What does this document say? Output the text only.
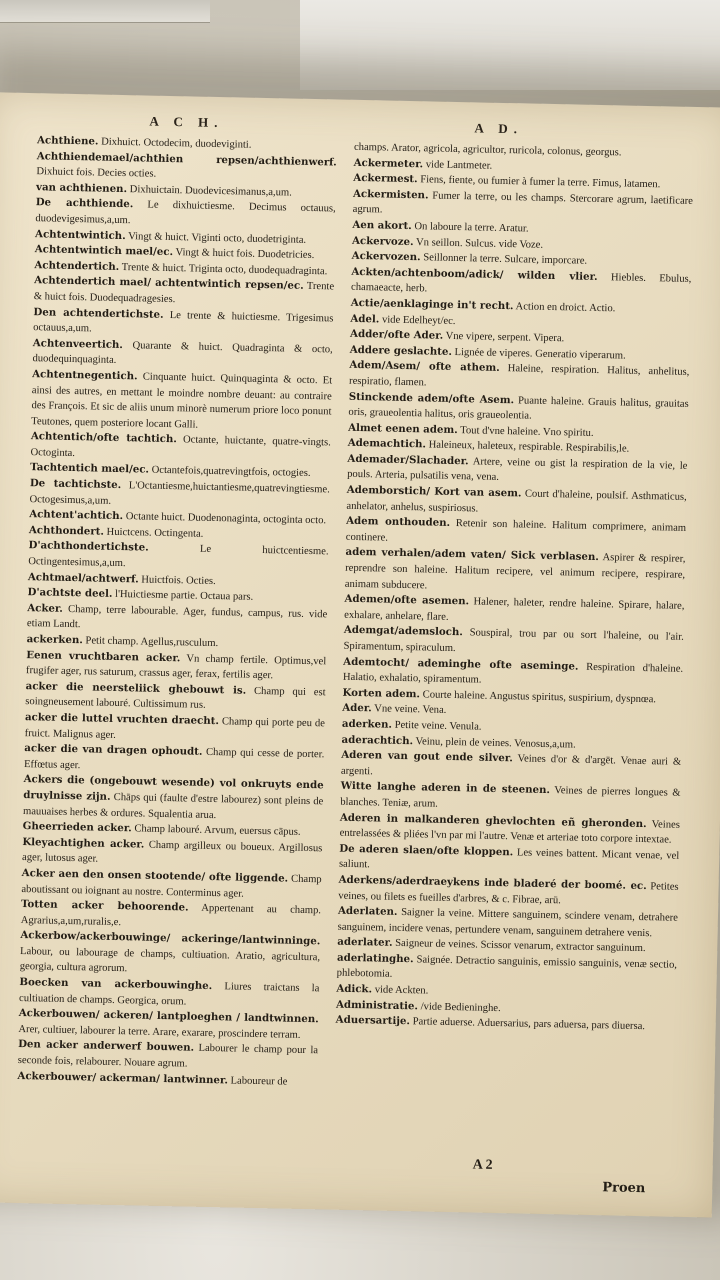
A C H.	A D.

Achthiene. Dixhuict. Octodecim, duodeviginti.

Achthiendemael/achthien repsen/achthienwerf. Dixhuict fois. Decies octies.

van achthienen. Dixhuictain. Duodevicesimanus,a,um.

De achthiende. Le dixhuictiesme. Decimus octauus, duodevigesimus,a,um.

Achtentwintich. Vingt & huict. Viginti octo, duodetriginta.

Achtentwintich mael/ec. Vingt & huict fois. Duodetricies.

Achtendertich. Trente & huict. Triginta octo, duodequadraginta.

Achtendertich mael/ achtentwintich repsen/ec. Trente & huict fois. Duodequadragesies.

Den achtendertichste. Le trente & huictiesme. Trigesimus octauus,a,um.

Achtenveertich. Quarante & huict. Quadraginta & octo, duodequinquaginta.

Achtentnegentich. Cinquante huict. Quinquaginta & octo. Et ainsi des autres, en mettant le moindre nombre deuant: au contraire des François. Et sic de aliis unum minorè numerum priore loco ponunt Teutones, quem posteriore locant Galli.

Achtentich/ofte tachtich. Octante, huictante, quatre-vingts. Octoginta.

Tachtentich mael/ec. Octantefois,quatrevingtfois, octogies.

De tachtichste. L'Octantiesme,huictantiesme,quatrevingtiesme. Octogesimus,a,um.

Achtent'achtich. Octante huict. Duodenonaginta, octoginta octo.

Achthondert. Huictcens. Octingenta.

D'achthondertichste.	Le huictcentiesme. Octingentesimus,a,um.

Achtmael/achtwerf. Huictfois. Octies.

D'achtste deel. l'Huictiesme partie. Octaua pars.

Acker. Champ, terre labourable. Ager, fundus, campus, rus. vide etiam Landt.

ackerken. Petit champ. Agellus,rusculum.

Eenen vruchtbaren acker. Vn champ fertile. Optimus,vel frugifer ager, rus saturum, crassus ager, ferax, fertilis ager.

acker die neersteliick ghebouwt is. Champ qui est soingneusement labouré. Cultissimum rus.

acker die luttel vruchten draecht. Champ qui porte peu de fruict. Malignus ager.

acker die van dragen ophoudt. Champ qui cesse de porter. Effœtus ager.

Ackers die (ongebouwt wesende) vol onkruyts ende druylnisse zijn. Chāps qui (faulte d'estre labourez) sont pleins de mauuaises herbes & ordures. Squalentia arua.

Gheerrieden acker. Champ labouré. Arvum, euersus cāpus.

Kleyachtighen acker. Champ argilleux ou boueux. Argillosus ager, lutosus ager.

Acker aen den onsen stootende/ ofte liggende. Champ aboutissant ou ioignant au nostre. Conterminus ager.

Totten acker behoorende. Appertenant au champ. Agrarius,a,um,ruralis,e.

Ackerbow/ackerbouwinge/ ackeringe/lantwinninge. Labour, ou labourage de champs, cultiuation. Aratio, agricultura, georgia, cultura agrorum.

Boecken van ackerbouwinghe. Liures traictans la cultiuation de champs. Georgica, orum.

Ackerbouwen/ ackeren/ lantploeghen / landtwinnen. Arer, cultiuer, labourer la terre. Arare, exarare, proscindere terram.

Den acker anderwerf bouwen. Labourer le champ pour la seconde fois, relabourer. Nouare agrum.

Ackerbouwer/ ackerman/ lantwinner. Laboureur de

champs. Arator, agricola, agricultor, ruricola, colonus, georgus.

Ackermeter. vide Lantmeter.

Ackermest. Fiens, fiente, ou fumier à fumer la terre. Fimus, latamen.

Ackermisten. Fumer la terre, ou les champs. Stercorare agrum, laetificare agrum.

Aen akort. On laboure la terre. Aratur.

Ackervoze. Vn seillon. Sulcus. vide Voze.

Ackervozen. Seillonner la terre. Sulcare, imporcare.

Ackten/achtenboom/adick/ wilden vlier. Hiebles. Ebulus, chamaeacte, herb.

Actie/aenklaginge in't recht. Action en droict. Actio.

Adel. vide Edelheyt/ec.

Adder/ofte Ader. Vne vipere, serpent. Vipera.

Addere geslachte. Lignée de viperes. Generatio viperarum.

Adem/Asem/ ofte athem. Haleine, respiration. Halitus, anhelitus, respiratio, flamen.

Stinckende adem/ofte Asem. Puante haleine. Grauis halitus, grauitas oris, graueolentia halitus, oris graueolentia.

Almet eenen adem. Tout d'vne haleine. Vno spiritu.

Ademachtich. Haleineux, haleteux, respirable. Respirabilis,le.

Ademader/Slachader. Artere, veine ou gist la respiration de la vie, le pouls. Arteria, pulsatilis vena, vena.

Ademborstich/ Kort van asem. Court d'haleine, poulsif. Asthmaticus, anhelator, anhelus, suspiriosus.

Adem onthouden. Retenir son haleine. Halitum comprimere, animam continere.

adem verhalen/adem vaten/ Sick verblasen. Aspirer & respirer, reprendre son haleine. Halitum recipere, vel animum recipere, respirare, animam subducere.

Ademen/ofte asemen. Halener, haleter, rendre haleine. Spirare, halare, exhalare, anhelare, flare.

Ademgat/ademsloch. Souspiral, trou par ou sort l'haleine, ou l'air. Spiramentum, spiraculum.

Ademtocht/ ademinghe ofte aseminge. Respiration d'haleine. Halatio, exhalatio, spiramentum.

Korten adem. Courte haleine. Angustus spiritus, suspirium, dyspnœa.

Ader. Vne veine. Vena.

aderken. Petite veine. Venula.

aderachtich. Veinu, plein de veines. Venosus,a,um.

Aderen van gout ende silver. Veines d'or & d'argēt. Venae auri & argenti.

Witte langhe aderen in de steenen. Veines de pierres longues & blanches. Teniæ, arum.

Aderen in malkanderen ghevlochten eñ gheronden. Veines entrelassées & pliées l'vn par mi l'autre. Venæ et arteriae toto corpore intextae.

De aderen slaen/ofte kloppen. Les veines battent. Micant venae, vel saliunt.

Aderkens/aderdraeykens inde bladeré der boomé. ec. Petites veines, ou filets es fueilles d'arbres, & c. Fibrae, arū.

Aderlaten. Saigner la veine. Mittere sanguinem, scindere venam, detrahere sanguinem, incidere venas, pertundere venam, sanguinem detrahere venis.

aderlater. Saigneur de veines. Scissor venarum, extractor sanguinum.

aderlatinghe. Saignée. Detractio sanguinis, emissio sanguinis, venæ sectio, phlebotomia.

Adick. vide Ackten.

Administratie. /vide Bedieninghe.

Aduersartije. Partie aduerse. Aduersarius, pars aduersa, pars diuersa.

A 2
Proen
